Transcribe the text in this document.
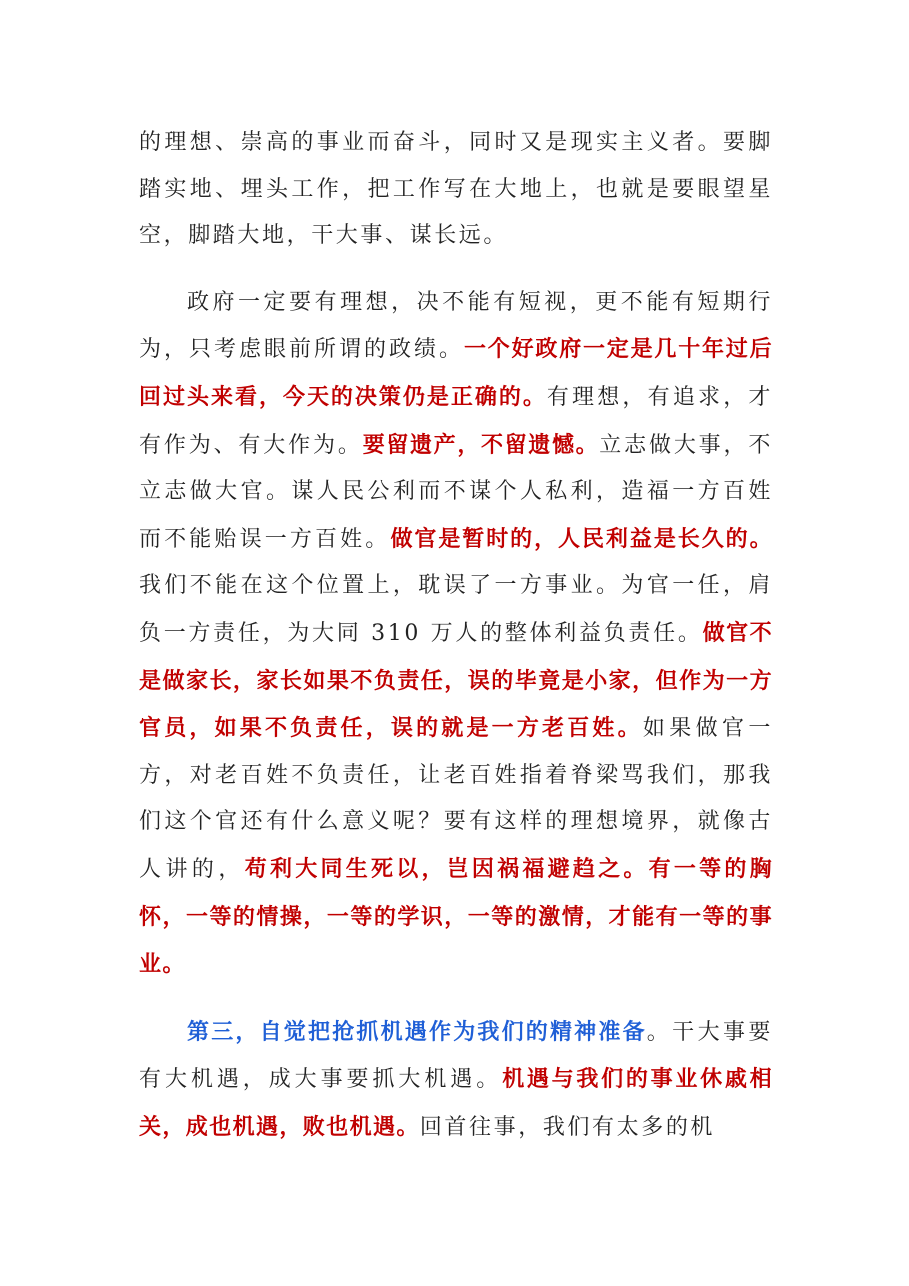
的理想、崇高的事业而奋斗，同时又是现实主义者。要脚踏实地、埋头工作，把工作写在大地上，也就是要眼望星空，脚踏大地，干大事、谋长远。

政府一定要有理想，决不能有短视，更不能有短期行为，只考虑眼前所谓的政绩。一个好政府一定是几十年过后回过头来看，今天的决策仍是正确的。有理想，有追求，才有作为、有大作为。要留遗产，不留遗憾。立志做大事，不立志做大官。谋人民公利而不谋个人私利，造福一方百姓而不能贻误一方百姓。做官是暂时的，人民利益是长久的。我们不能在这个位置上，耽误了一方事业。为官一任，肩负一方责任，为大同 310 万人的整体利益负责任。做官不是做家长，家长如果不负责任，误的毕竟是小家，但作为一方官员，如果不负责任，误的就是一方老百姓。如果做官一方，对老百姓不负责任，让老百姓指着脊梁骂我们，那我们这个官还有什么意义呢？要有这样的理想境界，就像古人讲的，苟利大同生死以，岂因祸福避趋之。有一等的胸怀，一等的情操，一等的学识，一等的激情，才能有一等的事业。

第三，自觉把抢抓机遇作为我们的精神准备。干大事要有大机遇，成大事要抓大机遇。机遇与我们的事业休戚相关，成也机遇，败也机遇。回首往事，我们有太多的机
